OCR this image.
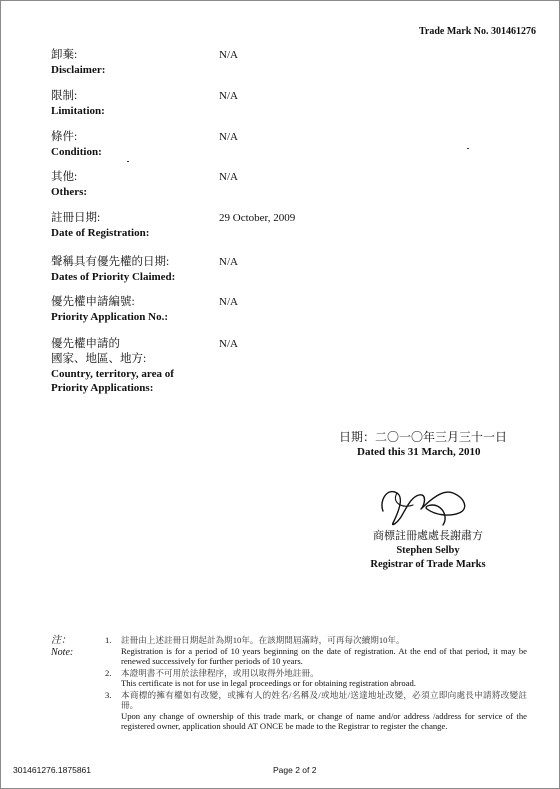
Trade Mark No. 301461276
卸棄:
Disclaimer:
N/A
限制:
Limitation:
N/A
條件:
Condition:
N/A
其他:
Others:
N/A
註冊日期:
Date of Registration:
29 October, 2009
聲稱具有優先權的日期:
Dates of Priority Claimed:
N/A
優先權申請編號:
Priority Application No.:
N/A
優先權申請的
國家、地區、地方:
Country, territory, area of
Priority Applications:
N/A
日期：二〇一〇年三月三十一日
Dated this 31 March, 2010
商標註冊處處長謝肅方
Stephen Selby
Registrar of Trade Marks
注：
Note:
1.	註冊由上述註冊日期起計為期10年。在該期間屆滿時，可再每次續期10年。
Registration is for a period of 10 years beginning on the date of registration. At the end of that period, it may be renewed successively for further periods of 10 years.
2.	本證明書不可用於法律程序，或用以取得外地註冊。
This certificate is not for use in legal proceedings or for obtaining registration abroad.
3.	本商標的擁有權如有改變，或擁有人的姓名/名稱及/或地址/送達地址改變，必須立即向處長申請將改變註冊。
Upon any change of ownership of this trade mark, or change of name and/or address /address for service of the registered owner, application should AT ONCE be made to the Registrar to register the change.
301461276.1875861	Page 2 of 2
